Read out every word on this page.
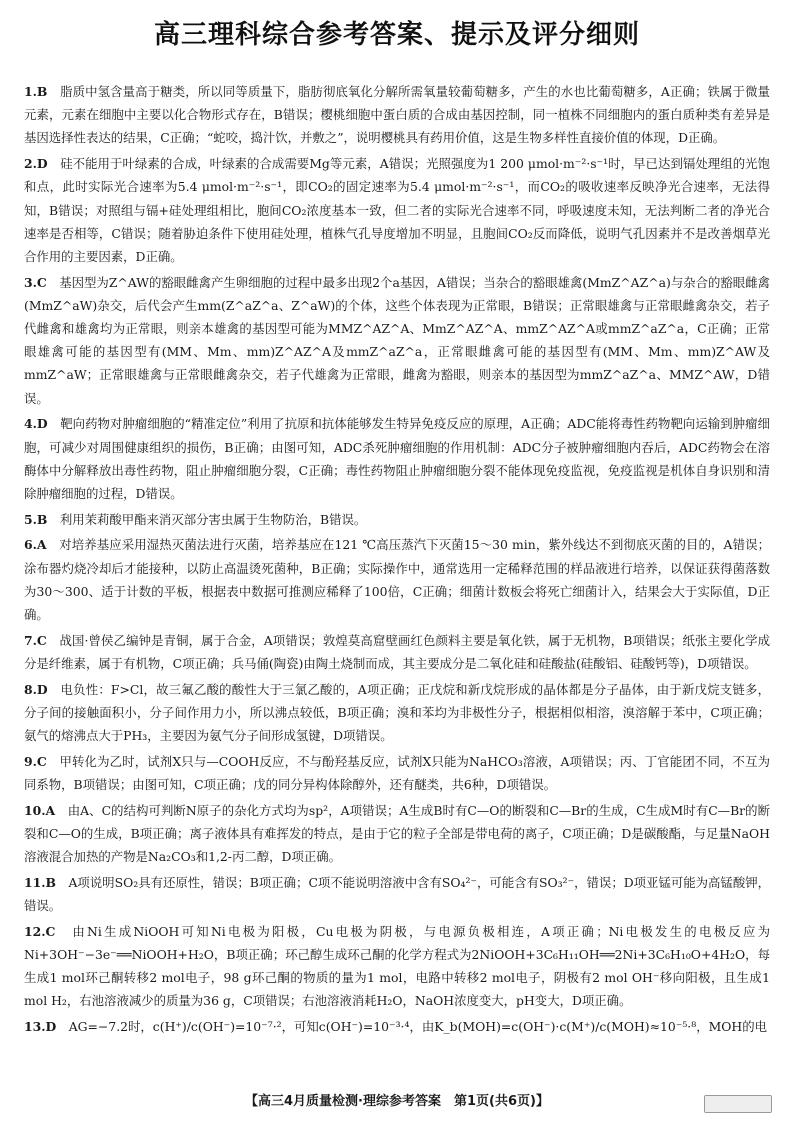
高三理科综合参考答案、提示及评分细则

1.B　 脂质中氢含量高于糖类，所以同等质量下，脂肪彻底氧化分解所需氧量较葡萄糖多，产生的水也比葡萄糖多，A正确；铁属于微量元素，元素在细胞中主要以化合物形式存在，B错误；樱桃细胞中蛋白质的合成由基因控制，同一植株不同细胞内的蛋白质种类有差异是基因选择性表达的结果，C正确；“蛇咬，捣汁饮，并敷之”，说明樱桃具有药用价值，这是生物多样性直接价值的体现，D正确。

2.D　 硅不能用于叶绿素的合成，叶绿素的合成需要Mg等元素，A错误；光照强度为1 200 μmol·m⁻²·s⁻¹时，早已达到镉处理组的光饱和点，此时实际光合速率为5.4 μmol·m⁻²·s⁻¹，即CO₂的固定速率为5.4 μmol·m⁻²·s⁻¹，而CO₂的吸收速率反映净光合速率，无法得知，B错误；对照组与镉+硅处理组相比，胞间CO₂浓度基本一致，但二者的实际光合速率不同，呼吸速度未知，无法判断二者的净光合速率是否相等，C错误；随着胁迫条件下使用硅处理，植株气孔导度增加不明显，且胞间CO₂反而降低，说明气孔因素并不是改善烟草光合作用的主要因素，D正确。

3.C　 基因型为Z^AW的豁眼雌禽产生卵细胞的过程中最多出现2个a基因，A错误；当杂合的豁眼雄禽(MmZ^AZ^a)与杂合的豁眼雌禽(MmZ^aW)杂交，后代会产生mm(Z^aZ^a、Z^aW)的个体，这些个体表现为正常眼，B错误；正常眼雄禽与正常眼雌禽杂交，若子代雌禽和雄禽均为正常眼，则亲本雄禽的基因型可能为MMZ^AZ^A、MmZ^AZ^A、mmZ^AZ^A或mmZ^aZ^a，C正确；正常眼雄禽可能的基因型有(MM、Mm、mm)Z^AZ^A及mmZ^aZ^a，正常眼雌禽可能的基因型有(MM、Mm、mm)Z^AW及mmZ^aW；正常眼雄禽与正常眼雌禽杂交，若子代雄禽为正常眼，雌禽为豁眼，则亲本的基因型为mmZ^aZ^a、MMZ^AW，D错误。

4.D　 靶向药物对肿瘤细胞的“精准定位”利用了抗原和抗体能够发生特异免疫反应的原理，A正确；ADC能将毒性药物靶向运输到肿瘤细胞，可减少对周围健康组织的损伤，B正确；由图可知，ADC杀死肿瘤细胞的作用机制：ADC分子被肿瘤细胞内吞后，ADC药物会在溶酶体中分解释放出毒性药物，阻止肿瘤细胞分裂，C正确；毒性药物阻止肿瘤细胞分裂不能体现免疫监视，免疫监视是机体自身识别和清除肿瘤细胞的过程，D错误。

5.B　 利用茉莉酸甲酯来消灭部分害虫属于生物防治，B错误。

6.A　 对培养基应采用湿热灭菌法进行灭菌，培养基应在121 ℃高压蒸汽下灭菌15～30 min，紫外线达不到彻底灭菌的目的，A错误；涂布器灼烧冷却后才能接种，以防止高温烫死菌种，B正确；实际操作中，通常选用一定稀释范围的样品液进行培养，以保证获得菌落数为30～300、适于计数的平板，根据表中数据可推测应稀释了100倍，C正确；细菌计数板会将死亡细菌计入，结果会大于实际值，D正确。

7.C　 战国·曾侯乙编钟是青铜，属于合金，A项错误；敦煌莫高窟壁画红色颜料主要是氧化铁，属于无机物，B项错误；纸张主要化学成分是纤维素，属于有机物，C项正确；兵马俑(陶瓷)由陶土烧制而成，其主要成分是二氧化硅和硅酸盐(硅酸铝、硅酸钙等)，D项错误。

8.D　 电负性：F>Cl，故三氟乙酸的酸性大于三氯乙酸的，A项正确；正戊烷和新戊烷形成的晶体都是分子晶体，由于新戊烷支链多，分子间的接触面积小，分子间作用力小，所以沸点较低，B项正确；溴和苯均为非极性分子，根据相似相溶，溴溶解于苯中，C项正确；氨气的熔沸点大于PH₃，主要因为氨气分子间形成氢键，D项错误。

9.C　 甲转化为乙时，试剂X只与—COOH反应，不与酚羟基反应，试剂X只能为NaHCO₃溶液，A项错误；丙、丁官能团不同，不互为同系物，B项错误；由图可知，C项正确；戊的同分异构体除醇外，还有醚类，共6种，D项错误。

10.A　 由A、C的结构可判断N原子的杂化方式均为sp²，A项错误；A生成B时有C—O的断裂和C—Br的生成，C生成M时有C—Br的断裂和C—O的生成，B项正确；离子液体具有难挥发的特点，是由于它的粒子全部是带电荷的离子，C项正确；D是碳酸酯，与足量NaOH溶液混合加热的产物是Na₂CO₃和1,2-丙二醇，D项正确。

11.B　 A项说明SO₂具有还原性，错误；B项正确；C项不能说明溶液中含有SO₄²⁻，可能含有SO₃²⁻，错误；D项亚锰可能为高锰酸钾，错误。

12.C　 由Ni生成NiOOH可知Ni电极为阳极，Cu电极为阴极，与电源负极相连，A项正确；Ni电极发生的电极反应为Ni+3OH⁻−3e⁻══NiOOH+H₂O，B项正确；环己醇生成环己酮的化学方程式为2NiOOH+3C₆H₁₁OH══2Ni+3C₆H₁₀O+4H₂O，每生成1 mol环己酮转移2 mol电子，98 g环己酮的物质的量为1 mol，电路中转移2 mol电子，阴极有2 mol OH⁻移向阳极，且生成1 mol H₂，右池溶液减少的质量为36 g，C项错误；右池溶液消耗H₂O，NaOH浓度变大，pH变大，D项正确。

13.D　 AG=−7.2时，c(H⁺)/c(OH⁻)=10⁻⁷·²，可知c(OH⁻)=10⁻³·⁴，由K_b(MOH)=c(OH⁻)·c(M⁺)/c(MOH)≈10⁻⁵·⁸，MOH的电

【高三4月质量检测·理综参考答案　第1页(共6页)】
